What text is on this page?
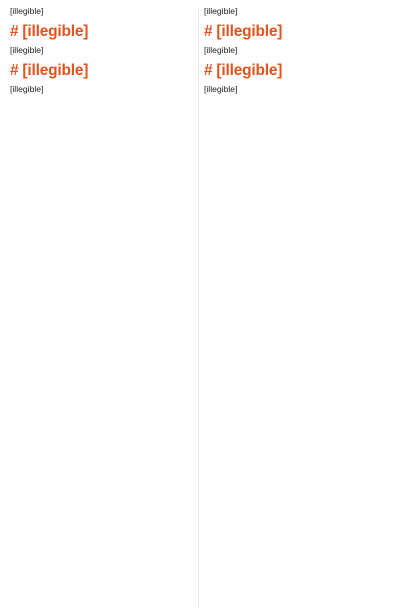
[illegible]

# [illegible]

[illegible]

# [illegible]

[illegible]

[illegible]

# [illegible]

[illegible]

# [illegible]

[illegible]
